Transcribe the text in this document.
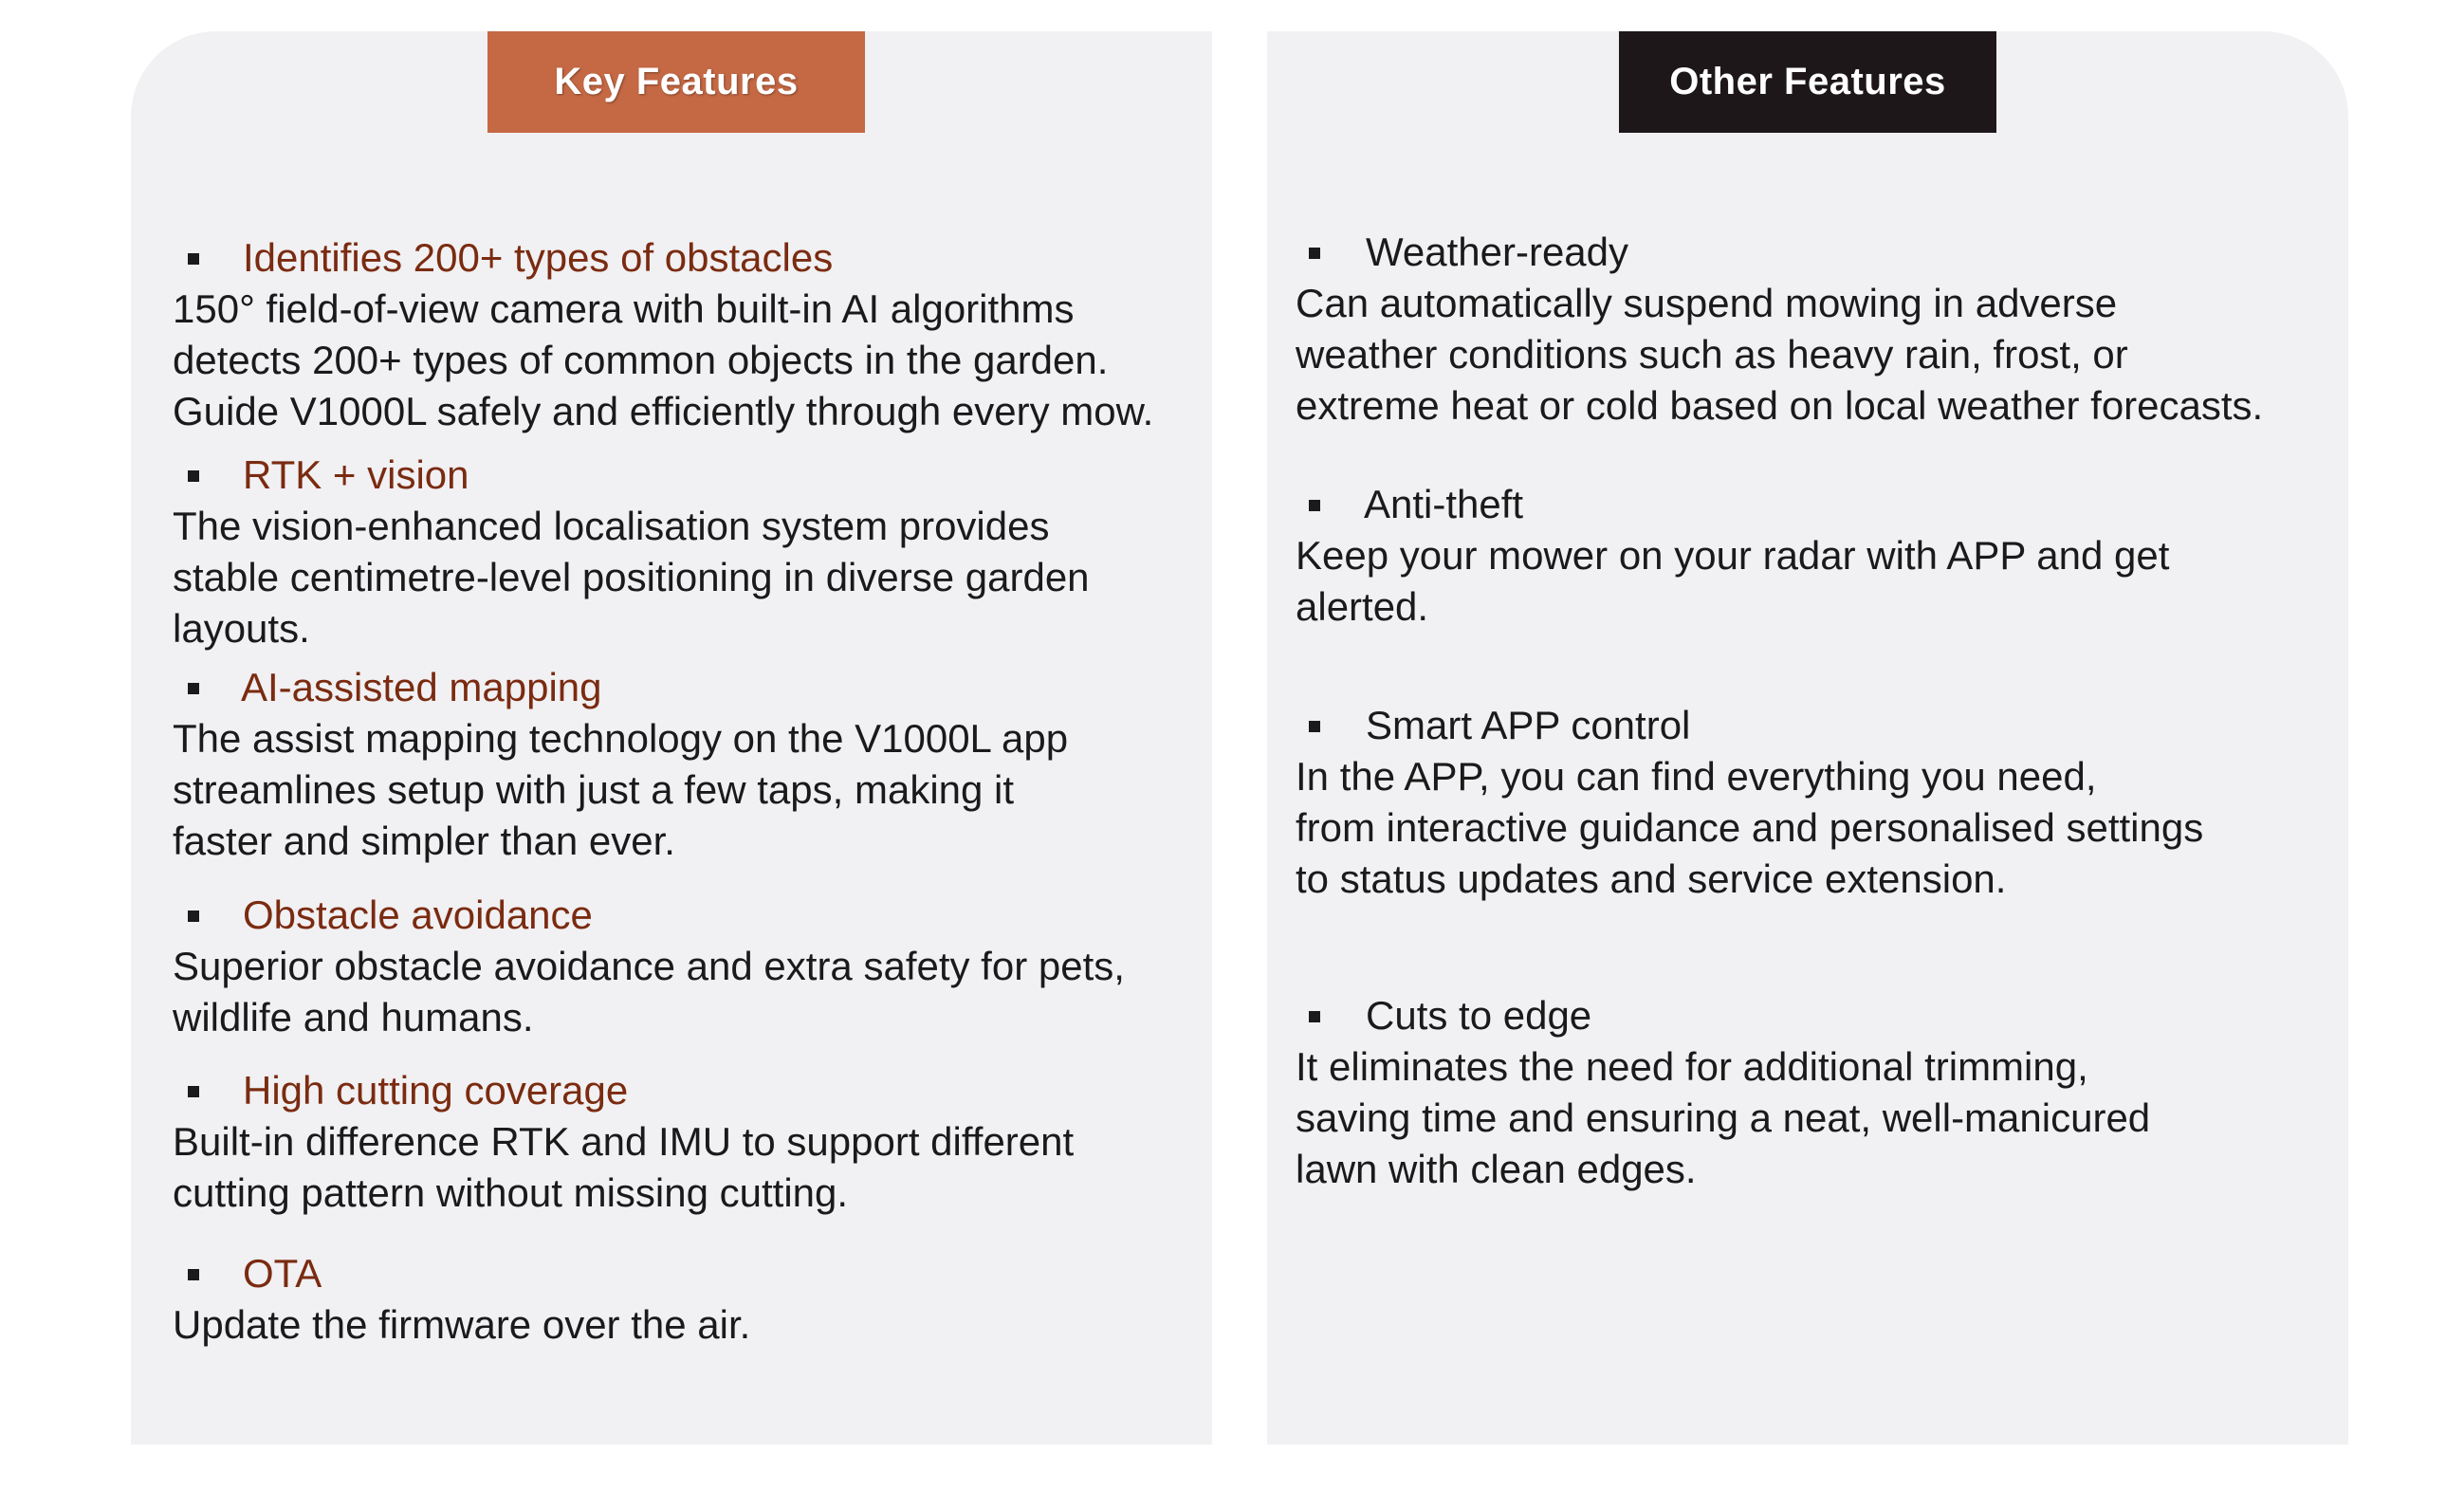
Key Features
Identifies 200+ types of obstacles
150° field-of-view camera with built-in AI algorithms
detects 200+ types of common objects in the garden.
Guide V1000L safely and efficiently through every mow.
RTK + vision
The vision-enhanced localisation system provides
stable centimetre-level positioning in diverse garden
layouts.
AI-assisted mapping
The assist mapping technology on the V1000L app
streamlines setup with just a few taps, making it
faster and simpler than ever.
Obstacle avoidance
Superior obstacle avoidance and extra safety for pets,
wildlife and humans.
High cutting coverage
Built-in difference RTK and IMU to support different
cutting pattern without missing cutting.
OTA
Update the firmware over the air.
Other Features
Weather-ready
Can automatically suspend mowing in adverse
weather conditions such as heavy rain, frost, or
extreme heat or cold based on local weather forecasts.
Anti-theft
Keep your mower on your radar with APP and get
alerted.
Smart APP control
In the APP, you can find everything you need,
from interactive guidance and personalised settings
to status updates and service extension.
Cuts to edge
It eliminates the need for additional trimming,
saving time and ensuring a neat, well-manicured
lawn with clean edges.
